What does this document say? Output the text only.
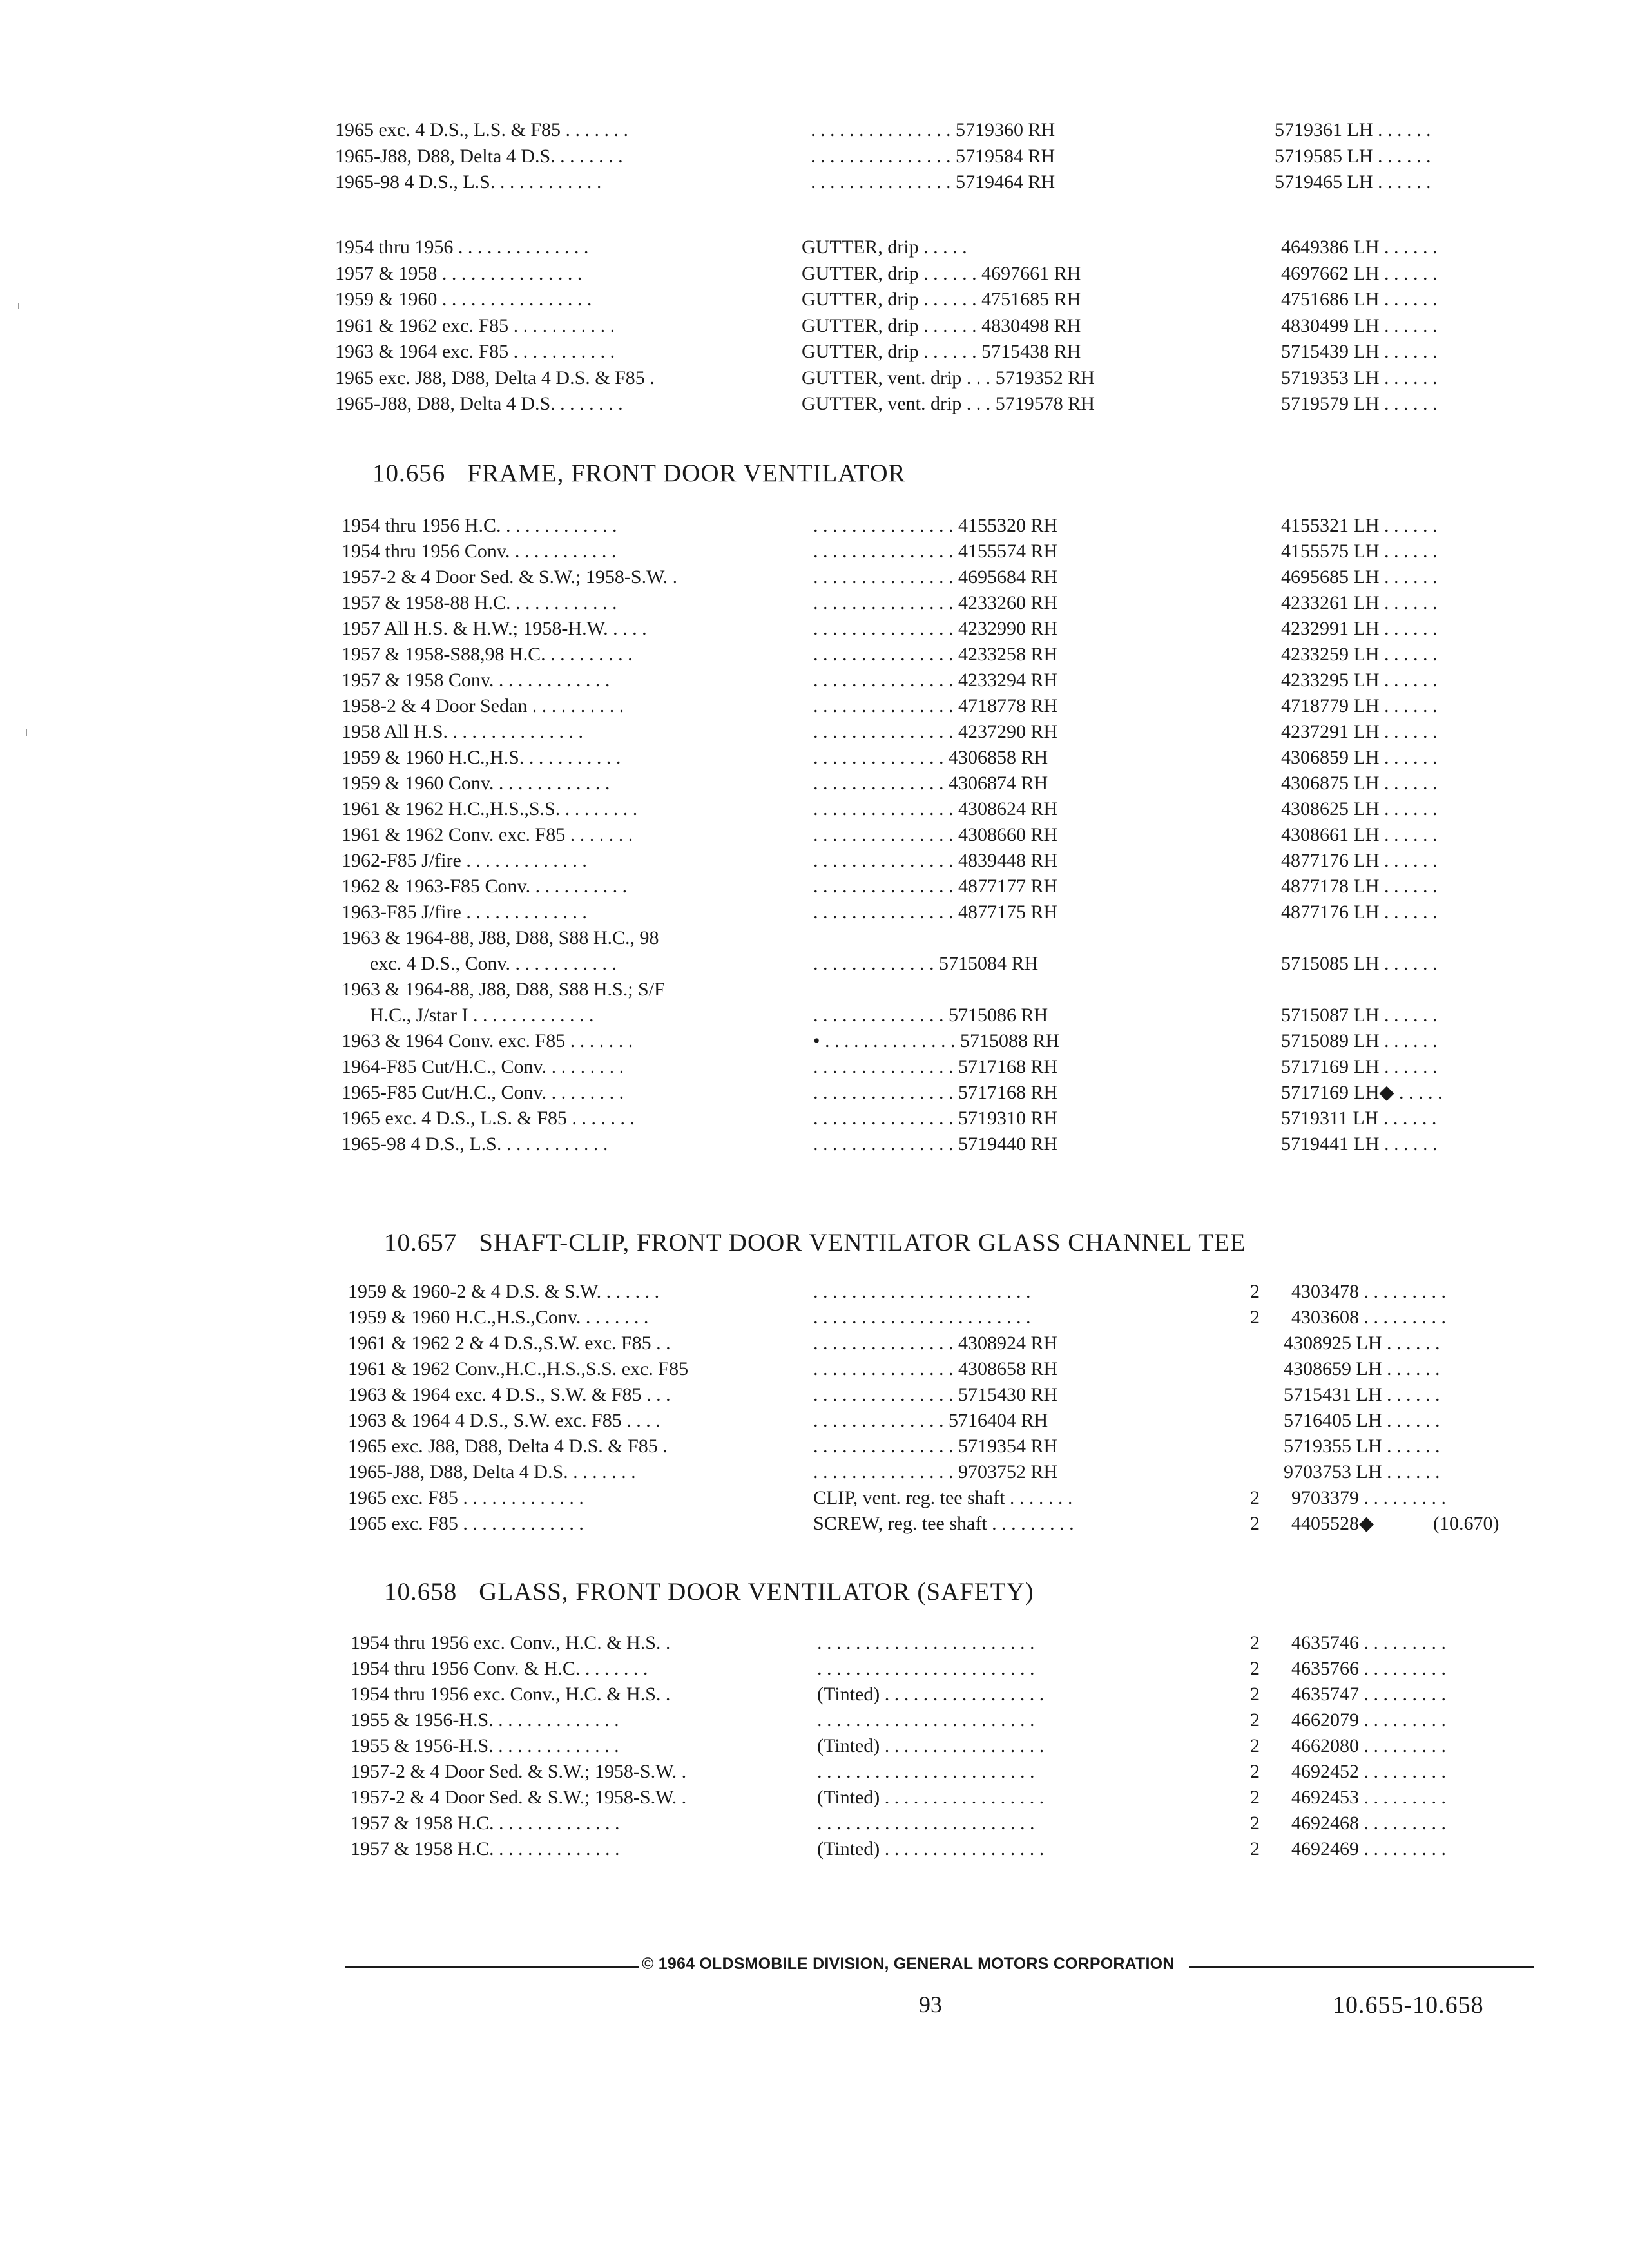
1965 exc. 4 D.S., L.S. & F85 . . . . . . .	. . . . . . . . . . . . . . . 5719360 RH	5719361 LH . . . . . .
1965-J88, D88, Delta 4 D.S. . . . . . . .	. . . . . . . . . . . . . . . 5719584 RH	5719585 LH . . . . . .
1965-98 4 D.S., L.S. . . . . . . . . . . .	. . . . . . . . . . . . . . . 5719464 RH	5719465 LH . . . . . .
1954 thru 1956 . . . . . . . . . . . . . .	GUTTER, drip . . . . .	4649386 LH . . . . . .
1957 & 1958 . . . . . . . . . . . . . . .	GUTTER, drip . . . . . . 4697661 RH	4697662 LH . . . . . .
1959 & 1960 . . . . . . . . . . . . . . . .	GUTTER, drip . . . . . . 4751685 RH	4751686 LH . . . . . .
1961 & 1962 exc. F85 . . . . . . . . . . .	GUTTER, drip . . . . . . 4830498 RH	4830499 LH . . . . . .
1963 & 1964 exc. F85 . . . . . . . . . . .	GUTTER, drip . . . . . . 5715438 RH	5715439 LH . . . . . .
1965 exc. J88, D88, Delta 4 D.S. & F85 .	GUTTER, vent. drip . . . 5719352 RH	5719353 LH . . . . . .
1965-J88, D88, Delta 4 D.S. . . . . . . .	GUTTER, vent. drip . . . 5719578 RH	5719579 LH . . . . . .
10.656 FRAME, FRONT DOOR VENTILATOR
1954 thru 1956 H.C. . . . . . . . . . . . .	. . . . . . . . . . . . . . . 4155320 RH	4155321 LH . . . . . .
1954 thru 1956 Conv. . . . . . . . . . . .	. . . . . . . . . . . . . . . 4155574 RH	4155575 LH . . . . . .
1957-2 & 4 Door Sed. & S.W.; 1958-S.W. .	. . . . . . . . . . . . . . . 4695684 RH	4695685 LH . . . . . .
1957 & 1958-88 H.C. . . . . . . . . . . .	. . . . . . . . . . . . . . . 4233260 RH	4233261 LH . . . . . .
1957 All H.S. & H.W.; 1958-H.W. . . . .	. . . . . . . . . . . . . . . 4232990 RH	4232991 LH . . . . . .
1957 & 1958-S88,98 H.C. . . . . . . . . .	. . . . . . . . . . . . . . . 4233258 RH	4233259 LH . . . . . .
1957 & 1958 Conv. . . . . . . . . . . . .	. . . . . . . . . . . . . . . 4233294 RH	4233295 LH . . . . . .
1958-2 & 4 Door Sedan . . . . . . . . . .	. . . . . . . . . . . . . . . 4718778 RH	4718779 LH . . . . . .
1958 All H.S. . . . . . . . . . . . . . .	. . . . . . . . . . . . . . . 4237290 RH	4237291 LH . . . . . .
1959 & 1960 H.C.,H.S. . . . . . . . . . .	. . . . . . . . . . . . . . 4306858 RH	4306859 LH . . . . . .
1959 & 1960 Conv. . . . . . . . . . . . .	. . . . . . . . . . . . . . 4306874 RH	4306875 LH . . . . . .
1961 & 1962 H.C.,H.S.,S.S. . . . . . . . .	. . . . . . . . . . . . . . . 4308624 RH	4308625 LH . . . . . .
1961 & 1962 Conv. exc. F85 . . . . . . .	. . . . . . . . . . . . . . . 4308660 RH	4308661 LH . . . . . .
1962-F85 J/fire . . . . . . . . . . . . .	. . . . . . . . . . . . . . . 4839448 RH	4877176 LH . . . . . .
1962 & 1963-F85 Conv. . . . . . . . . . .	. . . . . . . . . . . . . . . 4877177 RH	4877178 LH . . . . . .
1963-F85 J/fire . . . . . . . . . . . . .	. . . . . . . . . . . . . . . 4877175 RH	4877176 LH . . . . . .
1963 & 1964-88, J88, D88, S88 H.C., 98
exc. 4 D.S., Conv. . . . . . . . . . . .	. . . . . . . . . . . . . 5715084 RH	5715085 LH . . . . . .
1963 & 1964-88, J88, D88, S88 H.S.; S/F
H.C., J/star I . . . . . . . . . . . . .	. . . . . . . . . . . . . . 5715086 RH	5715087 LH . . . . . .
1963 & 1964 Conv. exc. F85 . . . . . . .	• . . . . . . . . . . . . . . 5715088 RH	5715089 LH . . . . . .
1964-F85 Cut/H.C., Conv. . . . . . . . .	. . . . . . . . . . . . . . . 5717168 RH	5717169 LH . . . . . .
1965-F85 Cut/H.C., Conv. . . . . . . . .	. . . . . . . . . . . . . . . 5717168 RH	5717169 LH◆ . . . . .
1965 exc. 4 D.S., L.S. & F85 . . . . . . .	. . . . . . . . . . . . . . . 5719310 RH	5719311 LH . . . . . .
1965-98 4 D.S., L.S. . . . . . . . . . . .	. . . . . . . . . . . . . . . 5719440 RH	5719441 LH . . . . . .
10.657 SHAFT-CLIP, FRONT DOOR VENTILATOR GLASS CHANNEL TEE
1959 & 1960-2 & 4 D.S. & S.W. . . . . . .	. . . . . . . . . . . . . . . . . . . . . . .	2 4303478 . . . . . . . . .
1959 & 1960 H.C.,H.S.,Conv. . . . . . . .	. . . . . . . . . . . . . . . . . . . . . . .	2 4303608 . . . . . . . . .
1961 & 1962 2 & 4 D.S.,S.W. exc. F85 . .	. . . . . . . . . . . . . . . 4308924 RH	4308925 LH . . . . . .
1961 & 1962 Conv.,H.C.,H.S.,S.S. exc. F85	. . . . . . . . . . . . . . . 4308658 RH	4308659 LH . . . . . .
1963 & 1964 exc. 4 D.S., S.W. & F85 . . .	. . . . . . . . . . . . . . . 5715430 RH	5715431 LH . . . . . .
1963 & 1964 4 D.S., S.W. exc. F85 . . . .	. . . . . . . . . . . . . . 5716404 RH	5716405 LH . . . . . .
1965 exc. J88, D88, Delta 4 D.S. & F85 .	. . . . . . . . . . . . . . . 5719354 RH	5719355 LH . . . . . .
1965-J88, D88, Delta 4 D.S. . . . . . . .	. . . . . . . . . . . . . . . 9703752 RH	9703753 LH . . . . . .
1965 exc. F85 . . . . . . . . . . . . .	CLIP, vent. reg. tee shaft . . . . . . .	2 9703379 . . . . . . . . .
1965 exc. F85 . . . . . . . . . . . . .	SCREW, reg. tee shaft . . . . . . . . .	2 4405528◆	(10.670)
10.658 GLASS, FRONT DOOR VENTILATOR (SAFETY)
1954 thru 1956 exc. Conv., H.C. & H.S. .	. . . . . . . . . . . . . . . . . . . . . . .	2 4635746 . . . . . . . . .
1954 thru 1956 Conv. & H.C. . . . . . . .	. . . . . . . . . . . . . . . . . . . . . . .	2 4635766 . . . . . . . . .
1954 thru 1956 exc. Conv., H.C. & H.S. .	(Tinted) . . . . . . . . . . . . . . . . .	2 4635747 . . . . . . . . .
1955 & 1956-H.S. . . . . . . . . . . . . .	. . . . . . . . . . . . . . . . . . . . . . .	2 4662079 . . . . . . . . .
1955 & 1956-H.S. . . . . . . . . . . . . .	(Tinted) . . . . . . . . . . . . . . . . .	2 4662080 . . . . . . . . .
1957-2 & 4 Door Sed. & S.W.; 1958-S.W. .	. . . . . . . . . . . . . . . . . . . . . . .	2 4692452 . . . . . . . . .
1957-2 & 4 Door Sed. & S.W.; 1958-S.W. .	(Tinted) . . . . . . . . . . . . . . . . .	2 4692453 . . . . . . . . .
1957 & 1958 H.C. . . . . . . . . . . . . .	. . . . . . . . . . . . . . . . . . . . . . .	2 4692468 . . . . . . . . .
1957 & 1958 H.C. . . . . . . . . . . . . .	(Tinted) . . . . . . . . . . . . . . . . .	2 4692469 . . . . . . . . .
© 1964 OLDSMOBILE DIVISION, GENERAL MOTORS CORPORATION
93	10.655-10.658
